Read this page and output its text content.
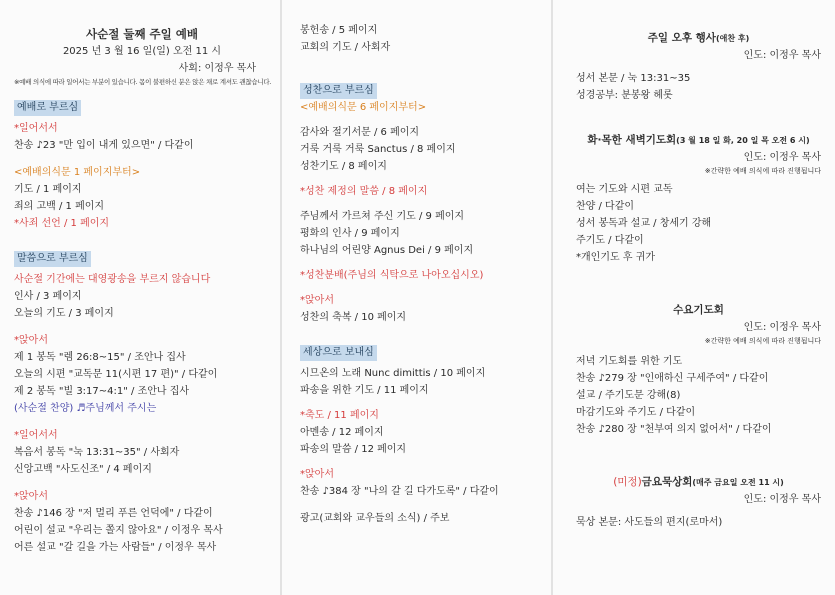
사순절 둘째 주일 예배
2025 년 3 월 16 일(일) 오전 11 시
사회: 이정우 목사
※예배 의식에 따라 일어서는 부분이 있습니다. 몸이 불편하신 분은 앉은 채로 계셔도 괜찮습니다.
예배로 부르심
*일어서서
찬송 ♪23 "만 입이 내게 있으면" / 다같이
<예배의식문 1 페이지부터>
기도 / 1 페이지
죄의 고백 / 1 페이지
*사죄 선언 / 1 페이지
말씀으로 부르심
사순절 기간에는 대영광송을 부르지 않습니다
인사 / 3 페이지
오늘의 기도 / 3 페이지
*앉아서
제 1 봉독 "렘 26:8~15" / 조안나 집사
오늘의 시편 "교독문 11(시편 17 편)" / 다같이
제 2 봉독 "빌 3:17~4:1" / 조안나 집사
(사순절 찬양) ♬주님께서 주시는
*일어서서
복음서 봉독 "눅 13:31~35" / 사회자
신앙고백 "사도신조" / 4 페이지
*앉아서
찬송 ♪146 장 "저 멀리 푸른 언덕에" / 다같이
어린이 설교 "우리는 쫄지 않아요" / 이정우 목사
어른 설교 "갈 길을 가는 사람들" / 이정우 목사
봉헌송 / 5 페이지
교회의 기도 / 사회자
성찬으로 부르심
<예배의식문 6 페이지부터>
감사와 절기서문 / 6 페이지
거룩 거룩 거룩 Sanctus / 8 페이지
성찬기도 / 8 페이지
*성찬 제정의 말씀 / 8 페이지
주님께서 가르쳐 주신 기도 / 9 페이지
평화의 인사 / 9 페이지
하나님의 어린양 Agnus Dei / 9 페이지
*성찬분배(주님의 식탁으로 나아오십시오)
*앉아서
성찬의 축복 / 10 페이지
세상으로 보내심
시므온의 노래 Nunc dimittis / 10 페이지
파송을 위한 기도 / 11 페이지
*축도 / 11 페이지
아멘송 / 12 페이지
파송의 말씀 / 12 페이지
*앉아서
찬송 ♪384 장 "나의 갈 길 다가도록" / 다같이
광고(교회와 교우들의 소식) / 주보
주일 오후 행사(애찬 후)
인도: 이정우 목사
성서 본문 / 눅 13:31~35
성경공부: 분봉왕 헤롯
화·목한 새벽기도회(3 월 18 일 화, 20 일 목 오전 6 시)
인도: 이정우 목사
※간략한 예배 의식에 따라 진행됩니다
여는 기도와 시편 교독
찬양 / 다같이
성서 봉독과 설교 / 창세기 강해
주기도 / 다같이
*개인기도 후 귀가
수요기도회
인도: 이정우 목사
※간략한 예배 의식에 따라 진행됩니다
저녁 기도회를 위한 기도
찬송 ♪279 장 "인애하신 구세주여" / 다같이
설교 / 주기도문 강해(8)
마감기도와 주기도 / 다같이
찬송 ♪280 장 "천부여 의지 없어서" / 다같이
(미정)금요묵상회(매주 금요일 오전 11 시)
인도: 이정우 목사
묵상 본문: 사도들의 편지(로마서)
